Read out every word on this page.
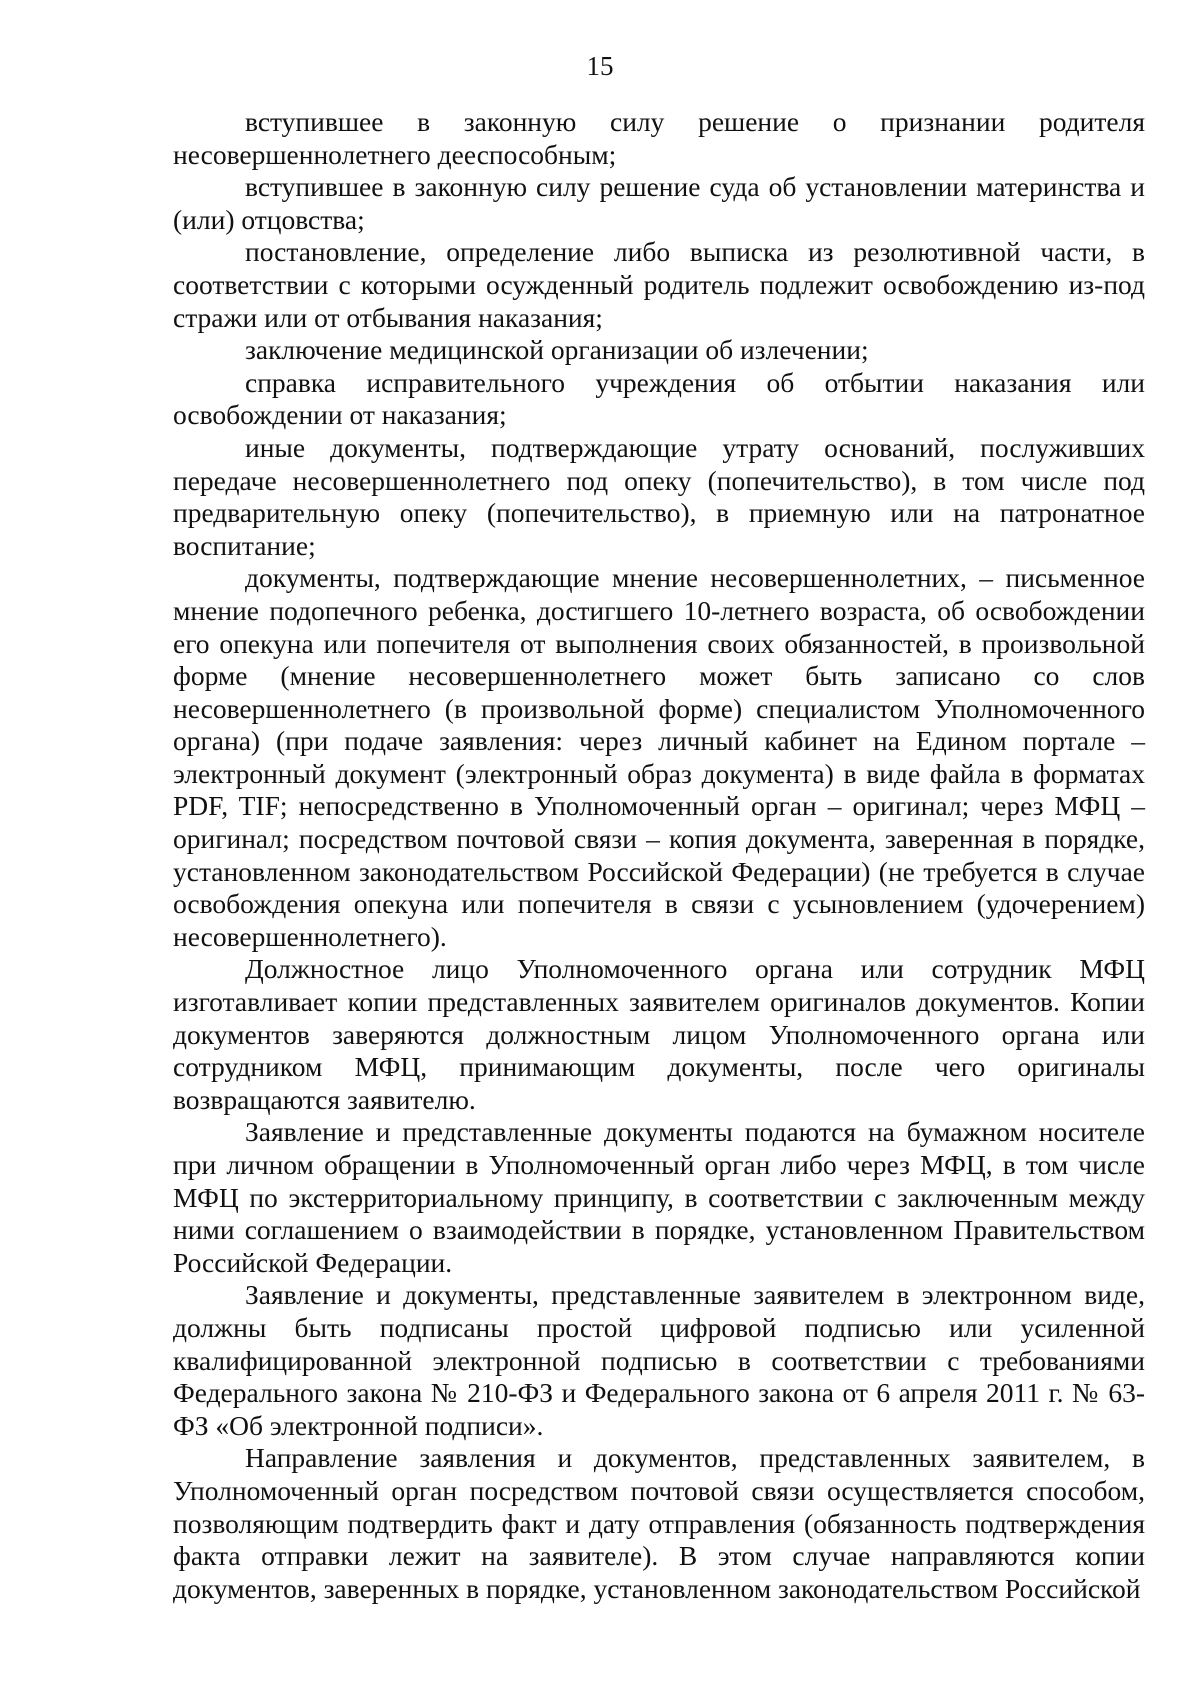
15

вступившее в законную силу решение о признании родителя несовершеннолетнего дееспособным;

вступившее в законную силу решение суда об установлении материнства и (или) отцовства;

постановление, определение либо выписка из резолютивной части, в соответствии с которыми осужденный родитель подлежит освобождению из-под стражи или от отбывания наказания;

заключение медицинской организации об излечении;

справка исправительного учреждения об отбытии наказания или освобождении от наказания;

иные документы, подтверждающие утрату оснований, послуживших передаче несовершеннолетнего под опеку (попечительство), в том числе под предварительную опеку (попечительство), в приемную или на патронатное воспитание;

документы, подтверждающие мнение несовершеннолетних, – письменное мнение подопечного ребенка, достигшего 10-летнего возраста, об освобождении его опекуна или попечителя от выполнения своих обязанностей, в произвольной форме (мнение несовершеннолетнего может быть записано со слов несовершеннолетнего (в произвольной форме) специалистом Уполномоченного органа) (при подаче заявления: через личный кабинет на Едином портале – электронный документ (электронный образ документа) в виде файла в форматах PDF, TIF; непосредственно в Уполномоченный орган – оригинал; через МФЦ – оригинал; посредством почтовой связи – копия документа, заверенная в порядке, установленном законодательством Российской Федерации) (не требуется в случае освобождения опекуна или попечителя в связи с усыновлением (удочерением) несовершеннолетнего).

Должностное лицо Уполномоченного органа или сотрудник МФЦ изготавливает копии представленных заявителем оригиналов документов. Копии документов заверяются должностным лицом Уполномоченного органа или сотрудником МФЦ, принимающим документы, после чего оригиналы возвращаются заявителю.

Заявление и представленные документы подаются на бумажном носителе при личном обращении в Уполномоченный орган либо через МФЦ, в том числе МФЦ по экстерриториальному принципу, в соответствии с заключенным между ними соглашением о взаимодействии в порядке, установленном Правительством Российской Федерации.

Заявление и документы, представленные заявителем в электронном виде, должны быть подписаны простой цифровой подписью или усиленной квалифицированной электронной подписью в соответствии с требованиями Федерального закона № 210-ФЗ и Федерального закона от 6 апреля 2011 г. № 63-ФЗ «Об электронной подписи».

Направление заявления и документов, представленных заявителем, в Уполномоченный орган посредством почтовой связи осуществляется способом, позволяющим подтвердить факт и дату отправления (обязанность подтверждения факта отправки лежит на заявителе). В этом случае направляются копии документов, заверенных в порядке, установленном законодательством Российской
